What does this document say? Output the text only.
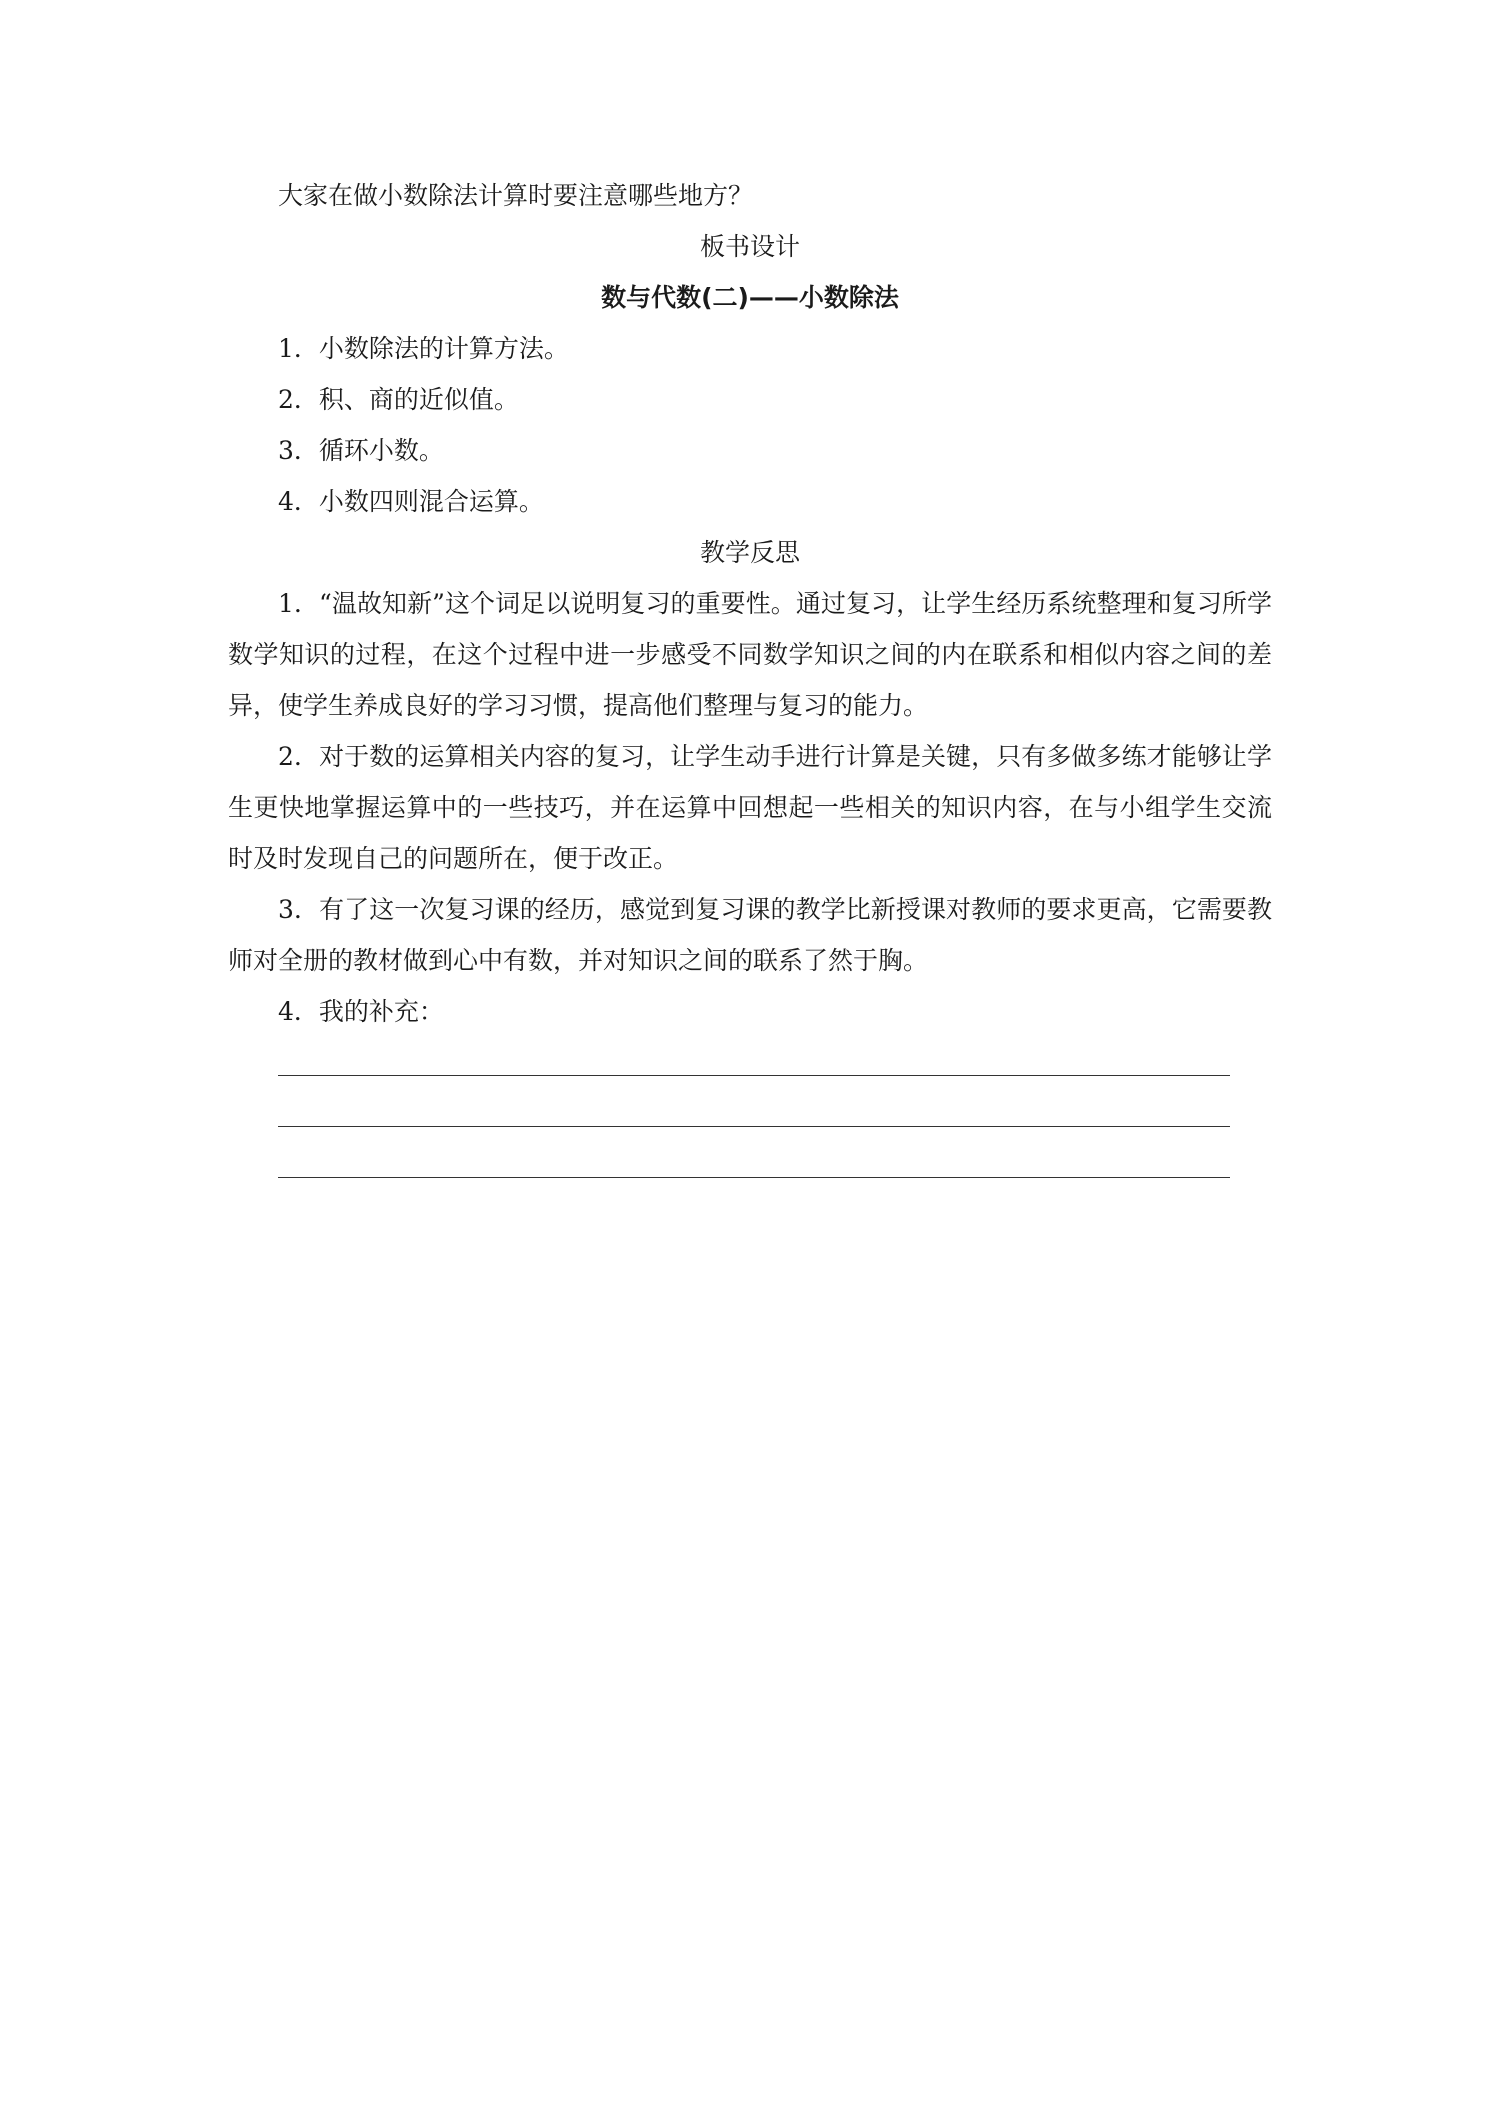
大家在做小数除法计算时要注意哪些地方？

板书设计

数与代数(二)——小数除法

1．小数除法的计算方法。

2．积、商的近似值。

3．循环小数。

4．小数四则混合运算。

教学反思

1．“温故知新”这个词足以说明复习的重要性。通过复习，让学生经历系统整理和复习所学数学知识的过程，在这个过程中进一步感受不同数学知识之间的内在联系和相似内容之间的差异，使学生养成良好的学习习惯，提高他们整理与复习的能力。

2．对于数的运算相关内容的复习，让学生动手进行计算是关键，只有多做多练才能够让学生更快地掌握运算中的一些技巧，并在运算中回想起一些相关的知识内容，在与小组学生交流时及时发现自己的问题所在，便于改正。

3．有了这一次复习课的经历，感觉到复习课的教学比新授课对教师的要求更高，它需要教师对全册的教材做到心中有数，并对知识之间的联系了然于胸。

4．我的补充：
